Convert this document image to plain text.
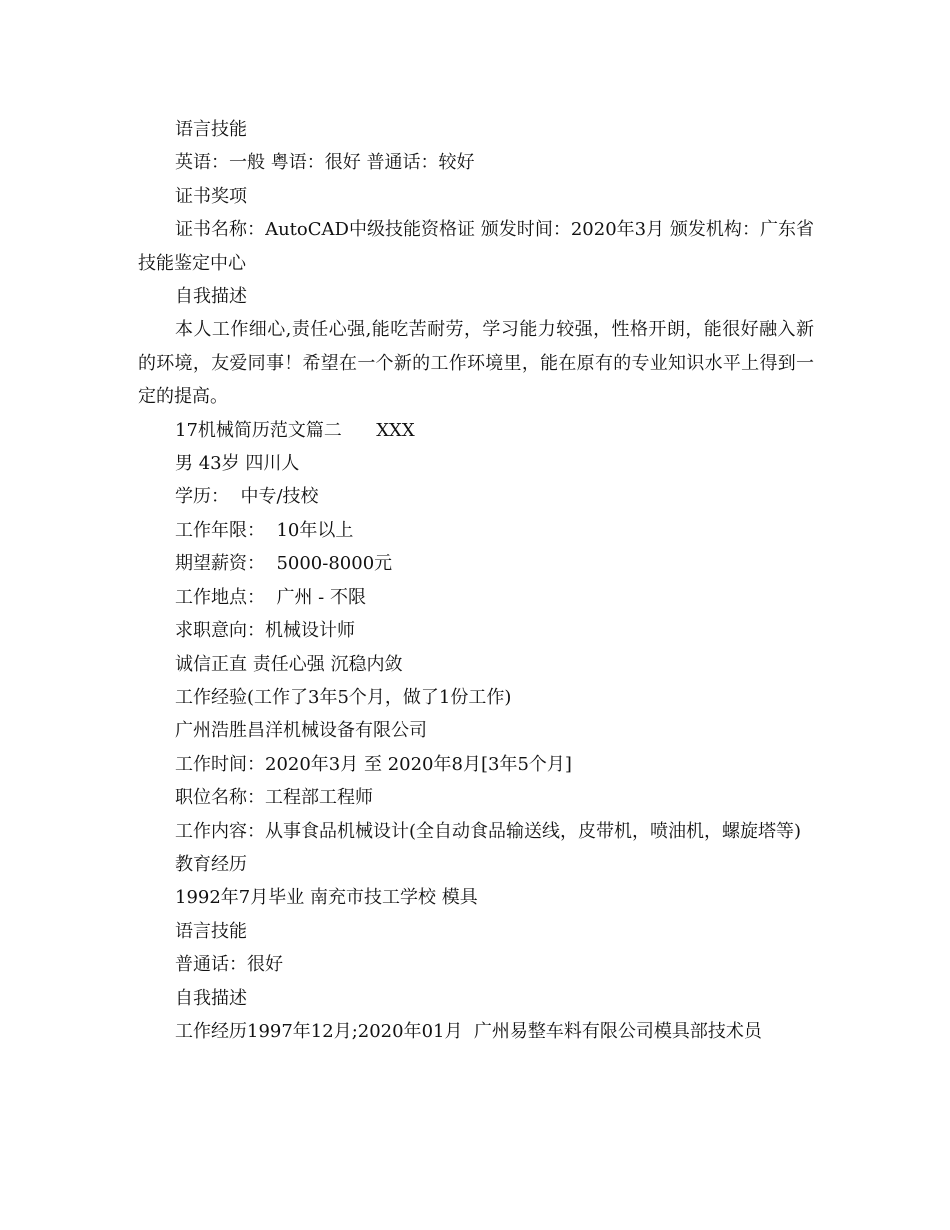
语言技能

英语：一般 粤语：很好 普通话：较好

证书奖项

证书名称：AutoCAD中级技能资格证 颁发时间：2020年3月 颁发机构：广东省技能鉴定中心

自我描述

本人工作细心,责任心强,能吃苦耐劳，学习能力较强，性格开朗，能很好融入新的环境，友爱同事！希望在一个新的工作环境里，能在原有的专业知识水平上得到一定的提高。

17机械简历范文篇二      XXX

男 43岁 四川人

学历：  中专/技校

工作年限：  10年以上

期望薪资：  5000-8000元

工作地点：  广州 - 不限

求职意向：机械设计师

诚信正直 责任心强 沉稳内敛

工作经验(工作了3年5个月，做了1份工作)

广州浩胜昌洋机械设备有限公司

工作时间：2020年3月 至 2020年8月[3年5个月]

职位名称：工程部工程师

工作内容：从事食品机械设计(全自动食品输送线，皮带机，喷油机，螺旋塔等)

教育经历

1992年7月毕业 南充市技工学校 模具

语言技能

普通话：很好

自我描述

工作经历1997年12月;2020年01月  广州易整车料有限公司模具部技术员
